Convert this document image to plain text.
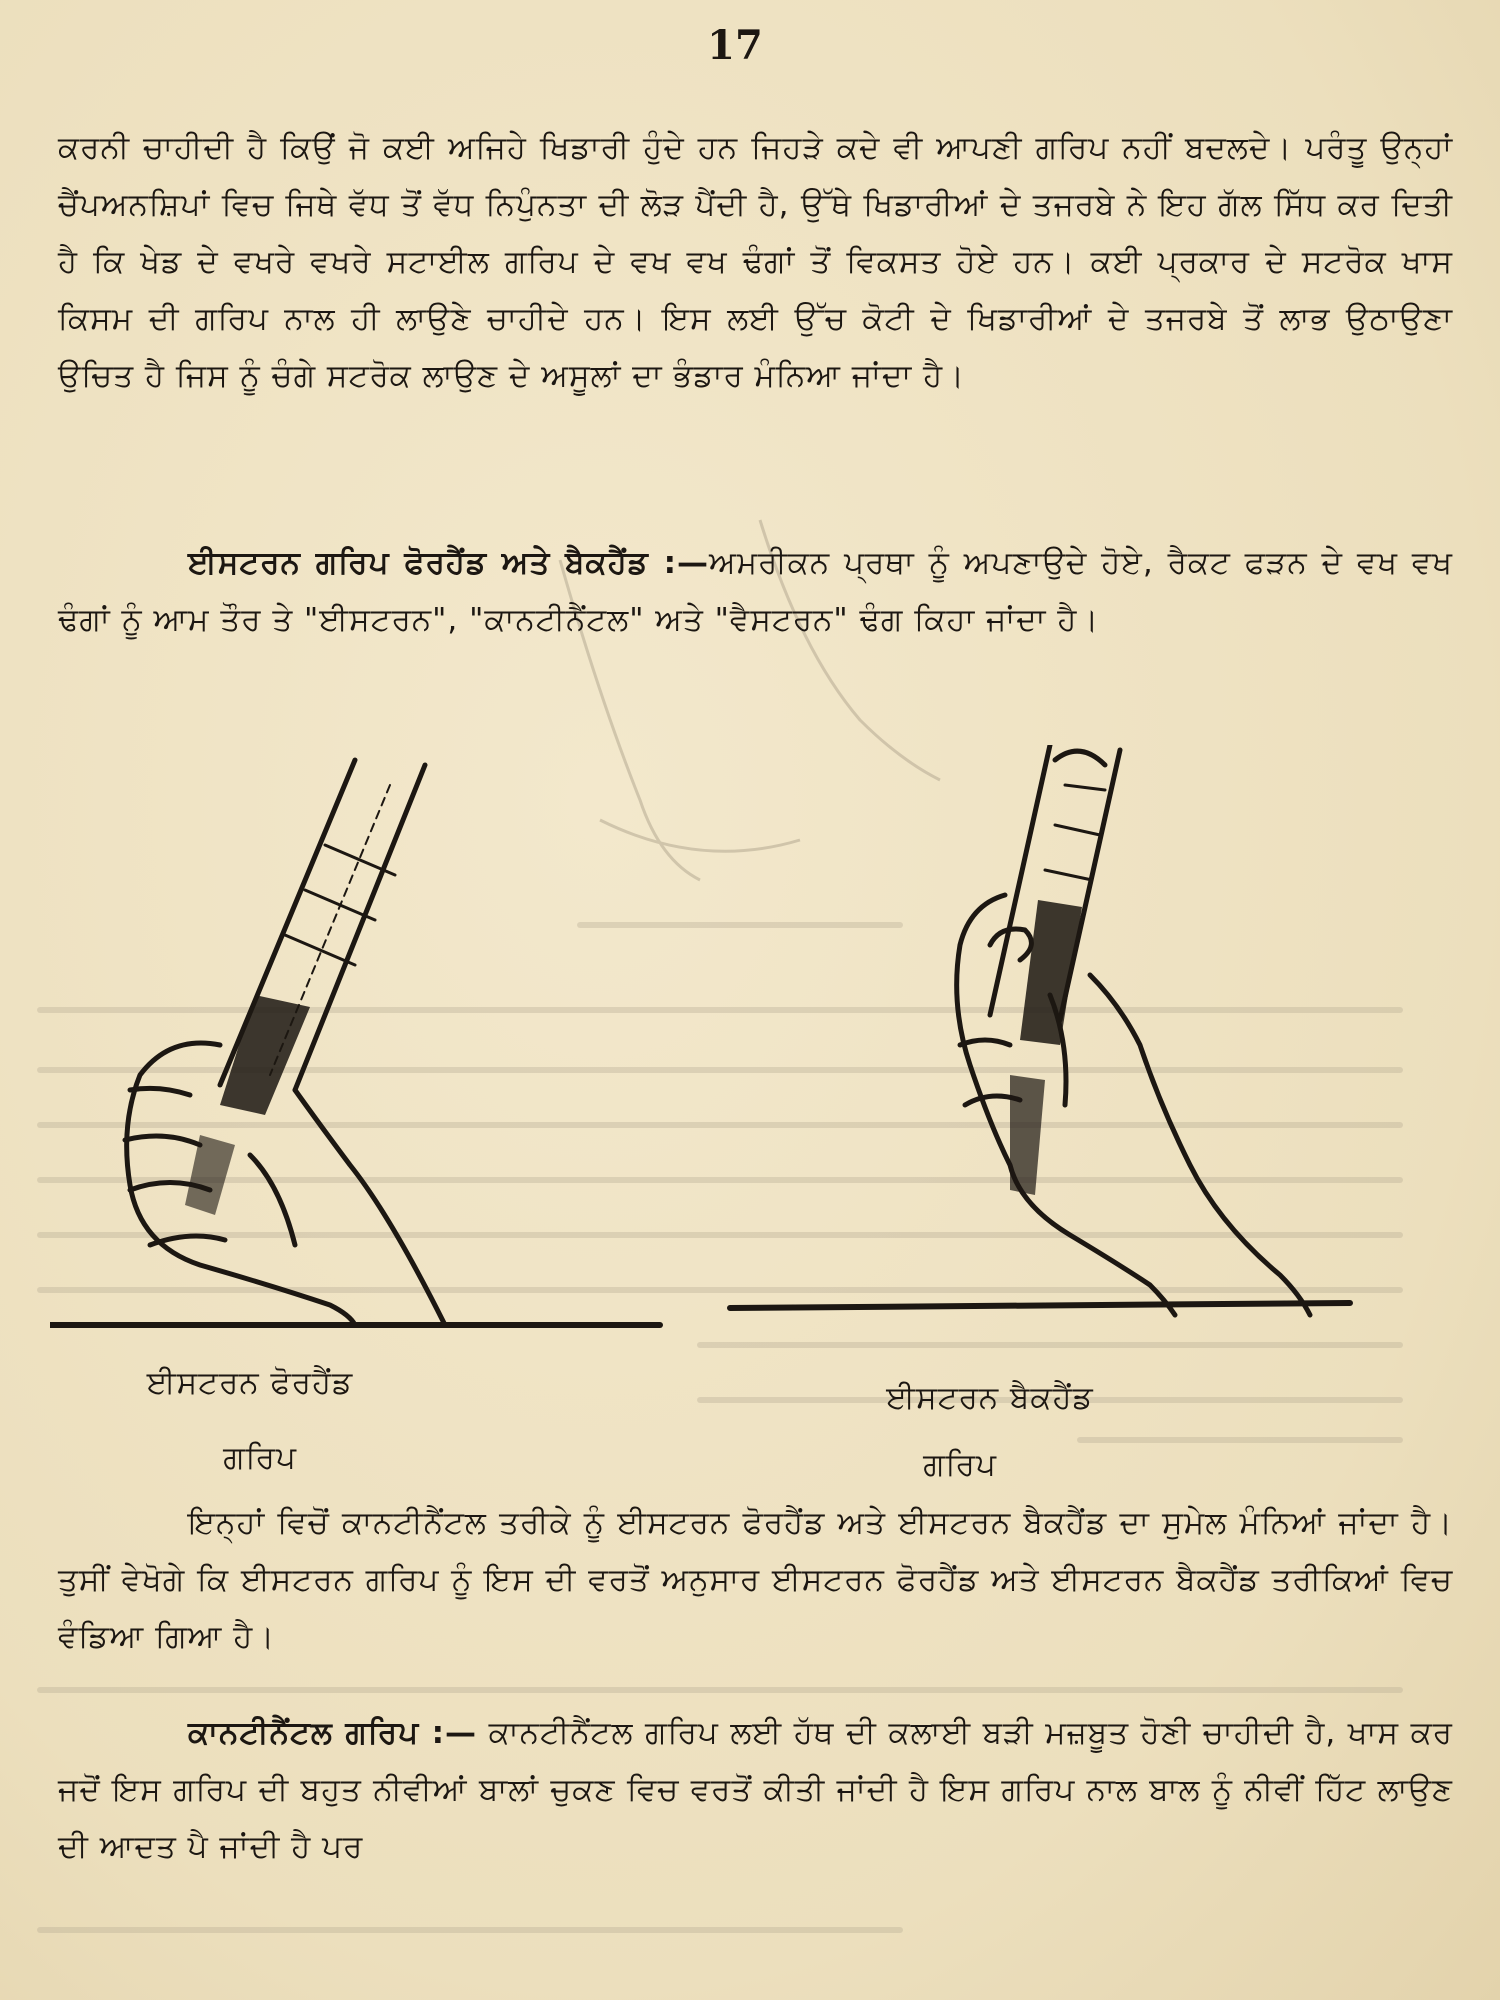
17

ਕਰਨੀ ਚਾਹੀਦੀ ਹੈ ਕਿਉਂ ਜੋ ਕਈ ਅਜਿਹੇ ਖਿਡਾਰੀ ਹੁੰਦੇ ਹਨ ਜਿਹੜੇ ਕਦੇ ਵੀ ਆਪਣੀ ਗਰਿਪ ਨਹੀਂ ਬਦਲਦੇ। ਪਰੰਤੂ ਉਨ੍ਹਾਂ ਚੈਂਪਅਨਸ਼ਿਪਾਂ ਵਿਚ ਜਿਥੇ ਵੱਧ ਤੋਂ ਵੱਧ ਨਿਪੁੰਨਤਾ ਦੀ ਲੋੜ ਪੈਂਦੀ ਹੈ, ਉੱਥੇ ਖਿਡਾਰੀਆਂ ਦੇ ਤਜਰਬੇ ਨੇ ਇਹ ਗੱਲ ਸਿੱਧ ਕਰ ਦਿਤੀ ਹੈ ਕਿ ਖੇਡ ਦੇ ਵਖਰੇ ਵਖਰੇ ਸਟਾਈਲ ਗਰਿਪ ਦੇ ਵਖ ਵਖ ਢੰਗਾਂ ਤੋਂ ਵਿਕਸਤ ਹੋਏ ਹਨ। ਕਈ ਪ੍ਰਕਾਰ ਦੇ ਸਟਰੋਕ ਖਾਸ ਕਿਸਮ ਦੀ ਗਰਿਪ ਨਾਲ ਹੀ ਲਾਉਣੇ ਚਾਹੀਦੇ ਹਨ। ਇਸ ਲਈ ਉੱਚ ਕੋਟੀ ਦੇ ਖਿਡਾਰੀਆਂ ਦੇ ਤਜਰਬੇ ਤੋਂ ਲਾਭ ਉਠਾਉਣਾ ਉਚਿਤ ਹੈ ਜਿਸ ਨੂੰ ਚੰਗੇ ਸਟਰੋਕ ਲਾਉਣ ਦੇ ਅਸੂਲਾਂ ਦਾ ਭੰਡਾਰ ਮੰਨਿਆ ਜਾਂਦਾ ਹੈ।

ਈਸਟਰਨ ਗਰਿਪ ਫੋਰਹੈਂਡ ਅਤੇ ਬੈਕਹੈਂਡ :—ਅਮਰੀਕਨ ਪ੍ਰਥਾ ਨੂੰ ਅਪਣਾਉਦੇ ਹੋਏ, ਰੈਕਟ ਫੜਨ ਦੇ ਵਖ ਵਖ ਢੰਗਾਂ ਨੂੰ ਆਮ ਤੌਰ ਤੇ "ਈਸਟਰਨ", "ਕਾਨਟੀਨੈਂਟਲ" ਅਤੇ "ਵੈਸਟਰਨ" ਢੰਗ ਕਿਹਾ ਜਾਂਦਾ ਹੈ।

ਈਸਟਰਨ ਫੋਰਹੈਂਡ
ਗਰਿਪ
ਈਸਟਰਨ ਬੈਕਹੈਂਡ
ਗਰਿਪ

ਇਨ੍ਹਾਂ ਵਿਚੋਂ ਕਾਨਟੀਨੈਂਟਲ ਤਰੀਕੇ ਨੂੰ ਈਸਟਰਨ ਫੋਰਹੈਂਡ ਅਤੇ ਈਸਟਰਨ ਬੈਕਹੈਂਡ ਦਾ ਸੁਮੇਲ ਮੰਨਿਆਂ ਜਾਂਦਾ ਹੈ। ਤੁਸੀਂ ਵੇਖੋਗੇ ਕਿ ਈਸਟਰਨ ਗਰਿਪ ਨੂੰ ਇਸ ਦੀ ਵਰਤੋਂ ਅਨੁਸਾਰ ਈਸਟਰਨ ਫੋਰਹੈਂਡ ਅਤੇ ਈਸਟਰਨ ਬੈਕਹੈਂਡ ਤਰੀਕਿਆਂ ਵਿਚ ਵੰਡਿਆ ਗਿਆ ਹੈ।

ਕਾਨਟੀਨੈਂਟਲ ਗਰਿਪ :— ਕਾਨਟੀਨੈਂਟਲ ਗਰਿਪ ਲਈ ਹੱਥ ਦੀ ਕਲਾਈ ਬੜੀ ਮਜ਼ਬੂਤ ਹੋਣੀ ਚਾਹੀਦੀ ਹੈ, ਖਾਸ ਕਰ ਜਦੋਂ ਇਸ ਗਰਿਪ ਦੀ ਬਹੁਤ ਨੀਵੀਆਂ ਬਾਲਾਂ ਚੁਕਣ ਵਿਚ ਵਰਤੋਂ ਕੀਤੀ ਜਾਂਦੀ ਹੈ ਇਸ ਗਰਿਪ ਨਾਲ ਬਾਲ ਨੂੰ ਨੀਵੀਂ ਹਿੱਟ ਲਾਉਣ ਦੀ ਆਦਤ ਪੈ ਜਾਂਦੀ ਹੈ ਪਰ
